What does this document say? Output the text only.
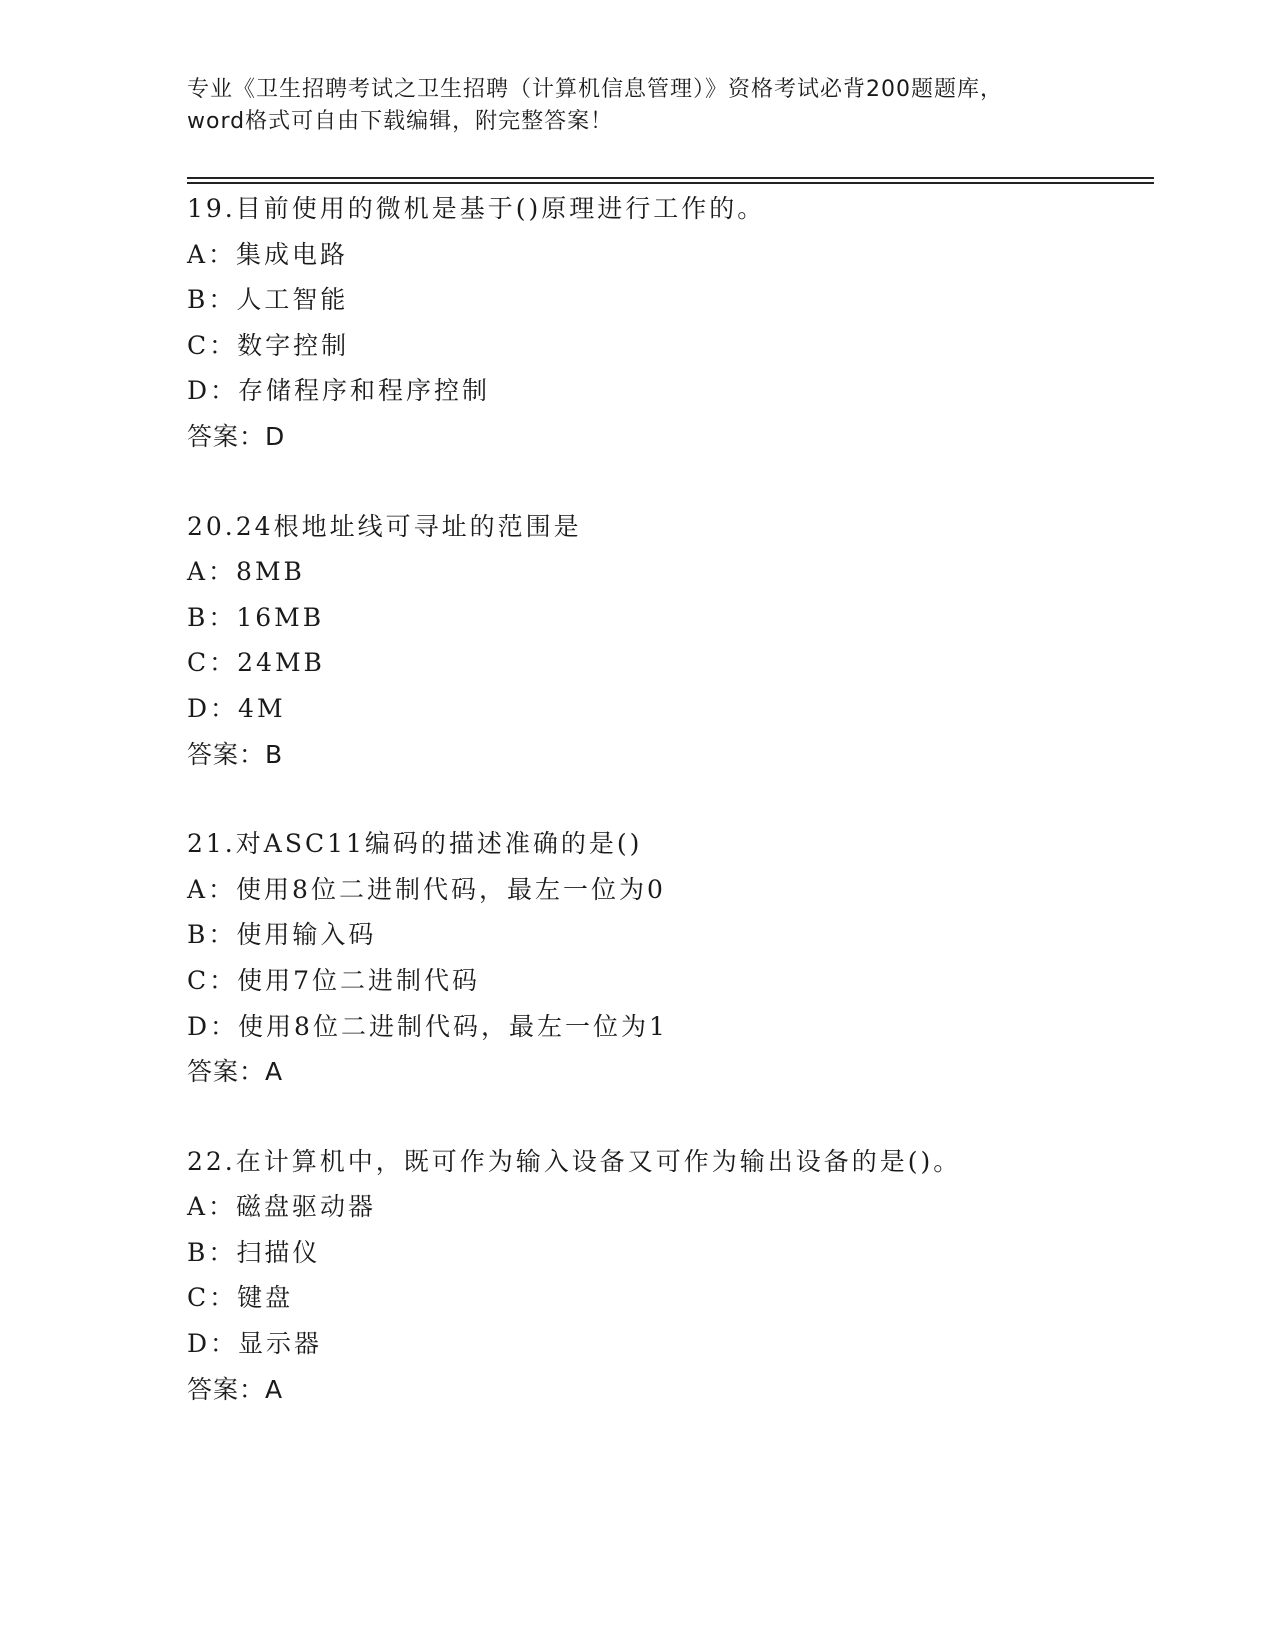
专业《卫生招聘考试之卫生招聘（计算机信息管理）》资格考试必背200题题库，
word格式可自由下载编辑，附完整答案！
19.目前使用的微机是基于()原理进行工作的。
A：集成电路
B：人工智能
C：数字控制
D：存储程序和程序控制
答案：D
20.24根地址线可寻址的范围是
A：8MB
B：16MB
C：24MB
D：4M
答案：B
21.对ASC11编码的描述准确的是()
A：使用8位二进制代码，最左一位为0
B：使用输入码
C：使用7位二进制代码
D：使用8位二进制代码，最左一位为1
答案：A
22.在计算机中，既可作为输入设备又可作为输出设备的是()。
A：磁盘驱动器
B：扫描仪
C：键盘
D：显示器
答案：A
